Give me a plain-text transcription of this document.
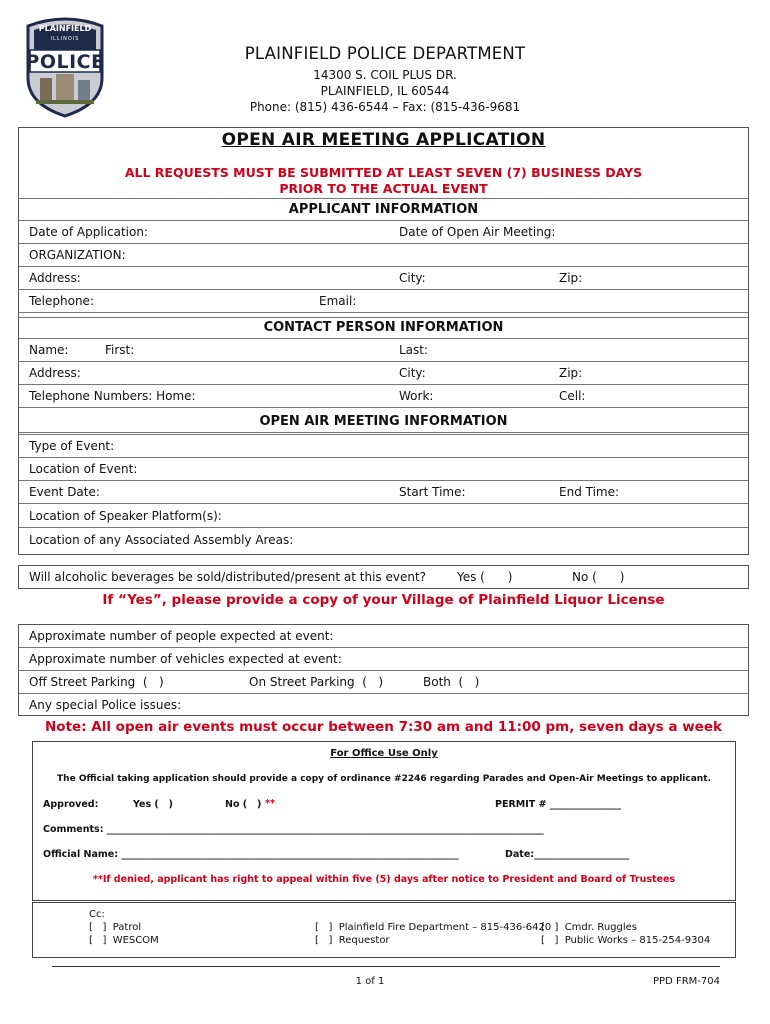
PLAINFIELD
ILLINOIS
POLICE	PLAINFIELD POLICE DEPARTMENT
14300 S. COIL PLUS DR.
PLAINFIELD, IL 60544
Phone: (815) 436-6544 – Fax: (815-436-9681
OPEN AIR MEETING APPLICATION
ALL REQUESTS MUST BE SUBMITTED AT LEAST SEVEN (7) BUSINESS DAYS
PRIOR TO THE ACTUAL EVENT
APPLICANT INFORMATION
Date of Application:	Date of Open Air Meeting:
ORGANIZATION:
Address:	City:	Zip:
Telephone:	Email:
CONTACT PERSON INFORMATION
Name:	First:	Last:
Address:	City:	Zip:
Telephone Numbers: Home:	Work:	Cell:
OPEN AIR MEETING INFORMATION
Type of Event:
Location of Event:
Event Date:	Start Time:	End Time:
Location of Speaker Platform(s):
Location of any Associated Assembly Areas:
Will alcoholic beverages be sold/distributed/present at this event?	Yes (      )	No (      )
If “Yes”, please provide a copy of your Village of Plainfield Liquor License
Approximate number of people expected at event:
Approximate number of vehicles expected at event:
Off Street Parking  (   )	On Street Parking  (   )	Both  (   )
Any special Police issues:
Note: All open air events must occur between 7:30 am and 11:00 pm, seven days a week
For Office Use Only
The Official taking application should provide a copy of ordinance #2246 regarding Parades and Open-Air Meetings to applicant.
Approved:	Yes (   )	No (   ) **	PERMIT # _______________
Comments: ____________________________________________________________________________________________
Official Name: _______________________________________________________________________	Date:____________________
**If denied, applicant has right to appeal within five (5) days after notice to President and Board of Trustees
Cc:
[   ]  Patrol
[   ]  WESCOM
[   ]  Plainfield Fire Department – 815-436-6420
[   ]  Requestor
[   ]  Cmdr. Ruggles
[   ]  Public Works – 815-254-9304
1 of 1	PPD FRM-704
